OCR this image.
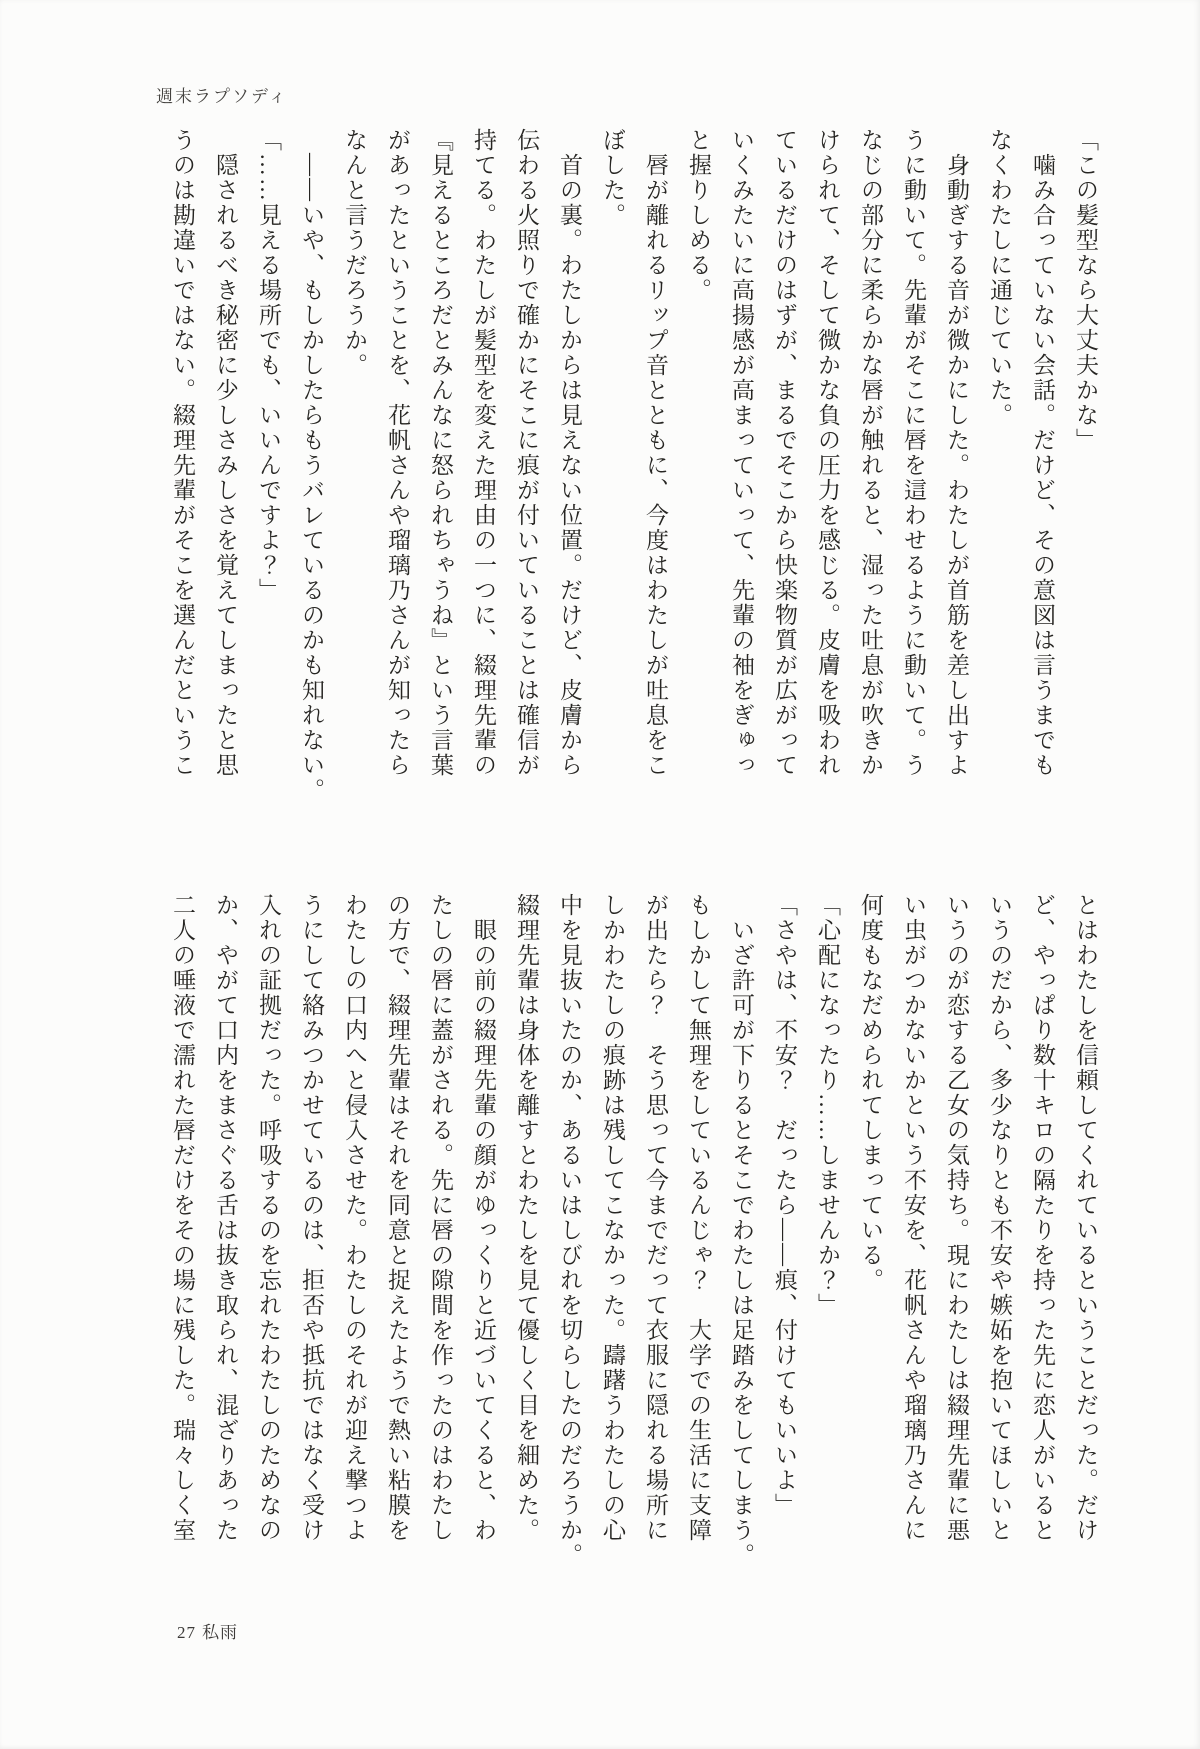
週末ラプソディ
「この髪型なら大丈夫かな」
　噛み合っていない会話。だけど、その意図は言うまでも
なくわたしに通じていた。
　身動ぎする音が微かにした。わたしが首筋を差し出すよ
うに動いて。先輩がそこに唇を這わせるように動いて。う
なじの部分に柔らかな唇が触れると、湿った吐息が吹きか
けられて、そして微かな負の圧力を感じる。皮膚を吸われ
ているだけのはずが、まるでそこから快楽物質が広がって
いくみたいに高揚感が高まっていって、先輩の袖をぎゅっ
と握りしめる。
　唇が離れるリップ音とともに、今度はわたしが吐息をこ
ぼした。
　首の裏。わたしからは見えない位置。だけど、皮膚から
伝わる火照りで確かにそこに痕が付いていることは確信が
持てる。わたしが髪型を変えた理由の一つに、綴理先輩の
『見えるところだとみんなに怒られちゃうね』という言葉
があったということを、花帆さんや瑠璃乃さんが知ったら
なんと言うだろうか。
　――いや、もしかしたらもうバレているのかも知れない。
「……見える場所でも、いいんですよ？」
　隠されるべき秘密に少しさみしさを覚えてしまったと思
うのは勘違いではない。綴理先輩がそこを選んだというこ
とはわたしを信頼してくれているということだった。だけ
ど、やっぱり数十キロの隔たりを持った先に恋人がいると
いうのだから、多少なりとも不安や嫉妬を抱いてほしいと
いうのが恋する乙女の気持ち。現にわたしは綴理先輩に悪
い虫がつかないかという不安を、花帆さんや瑠璃乃さんに
何度もなだめられてしまっている。
「心配になったり……しませんか？」
「さやは、不安？　だったら――痕、付けてもいいよ」
　いざ許可が下りるとそこでわたしは足踏みをしてしまう。
もしかして無理をしているんじゃ？　大学での生活に支障
が出たら？　そう思って今までだって衣服に隠れる場所に
しかわたしの痕跡は残してこなかった。躊躇うわたしの心
中を見抜いたのか、あるいはしびれを切らしたのだろうか。
綴理先輩は身体を離すとわたしを見て優しく目を細めた。
　眼の前の綴理先輩の顔がゆっくりと近づいてくると、わ
たしの唇に蓋がされる。先に唇の隙間を作ったのはわたし
の方で、綴理先輩はそれを同意と捉えたようで熱い粘膜を
わたしの口内へと侵入させた。わたしのそれが迎え撃つよ
うにして絡みつかせているのは、拒否や抵抗ではなく受け
入れの証拠だった。呼吸するのを忘れたわたしのためなの
か、やがて口内をまさぐる舌は抜き取られ、混ざりあった
二人の唾液で濡れた唇だけをその場に残した。瑞々しく室
27 私雨
